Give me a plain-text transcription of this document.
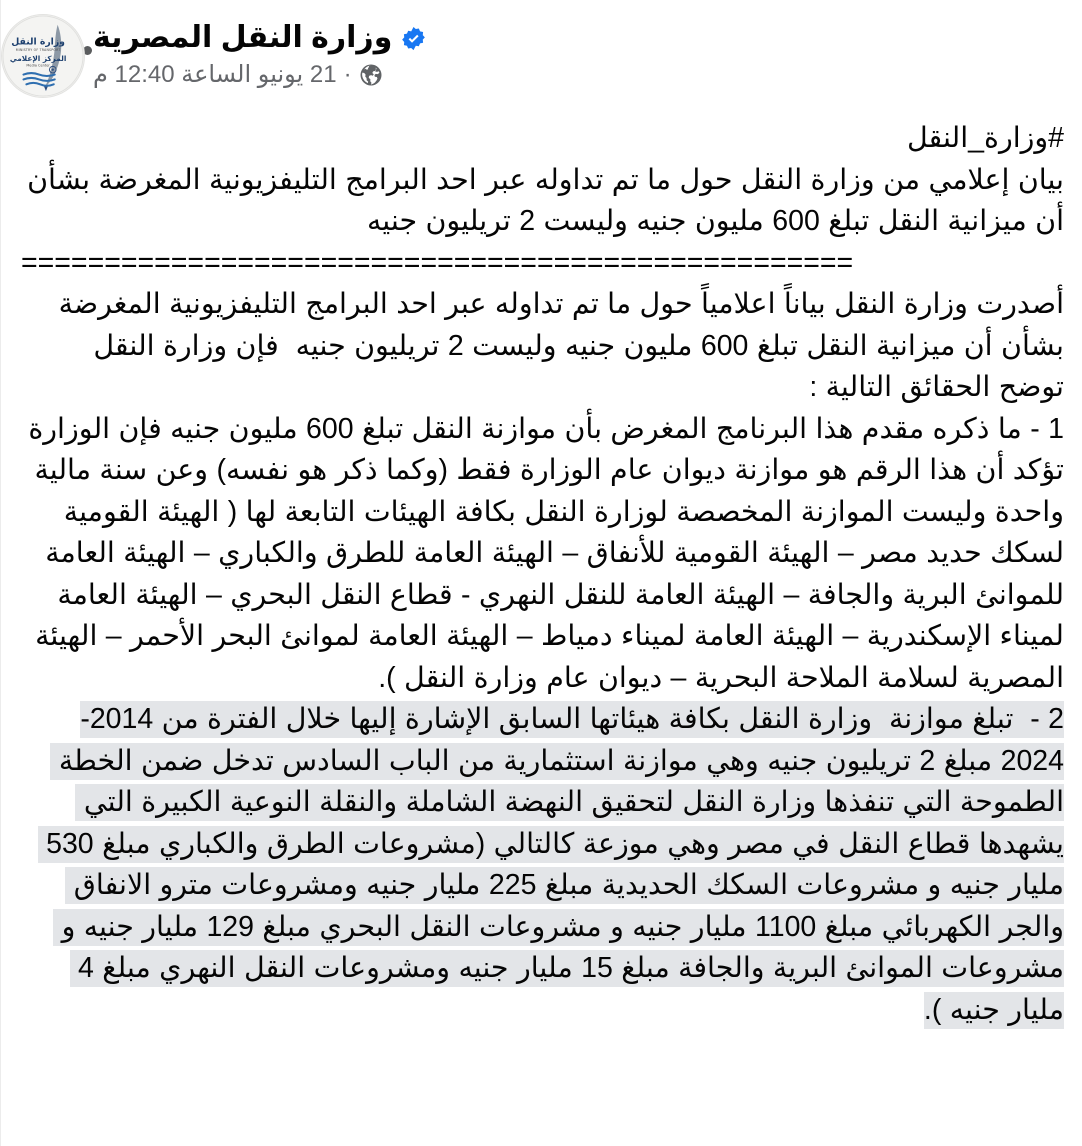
وزارة النقل المصرية
21 يونيو الساعة 12:40 م ·
وزارة النقل
MINISTRY OF TRANSPORT
المركز الإعلامي
Media Center

#وزارة_النقل

بيان إعلامي من وزارة النقل حول ما تم تداوله عبر احد البرامج التليفزيونية المغرضة بشأن أن ميزانية النقل تبلغ 600 مليون جنيه وليست 2 تريليون جنيه

==================================================

أصدرت وزارة النقل بياناً اعلامياً حول ما تم تداوله عبر احد البرامج التليفزيونية المغرضة بشأن أن ميزانية النقل تبلغ 600 مليون جنيه وليست 2 تريليون جنيه  فإن وزارة النقل توضح الحقائق التالية :

1 - ما ذكره مقدم هذا البرنامج المغرض بأن موازنة النقل تبلغ 600 مليون جنيه فإن الوزارة تؤكد أن هذا الرقم هو موازنة ديوان عام الوزارة فقط (وكما ذكر هو نفسه) وعن سنة مالية واحدة وليست الموازنة المخصصة لوزارة النقل بكافة الهيئات التابعة لها ( الهيئة القومية لسكك حديد مصر – الهيئة القومية للأنفاق – الهيئة العامة للطرق والكباري – الهيئة العامة للموانئ البرية والجافة – الهيئة العامة للنقل النهري - قطاع النقل البحري – الهيئة العامة لميناء الإسكندرية – الهيئة العامة لميناء دمياط – الهيئة العامة لموانئ البحر الأحمر – الهيئة المصرية لسلامة الملاحة البحرية – ديوان عام وزارة النقل ).

2 -  تبلغ موازنة  وزارة النقل بكافة هيئاتها السابق الإشارة إليها خلال الفترة من 2014-2024 مبلغ 2 تريليون جنيه وهي موازنة استثمارية من الباب السادس تدخل ضمن الخطة الطموحة التي تنفذها وزارة النقل لتحقيق النهضة الشاملة والنقلة النوعية الكبيرة التي يشهدها قطاع النقل في مصر وهي موزعة كالتالي (مشروعات الطرق والكباري مبلغ 530 مليار جنيه و مشروعات السكك الحديدية مبلغ 225 مليار جنيه ومشروعات مترو الانفاق والجر الكهربائي مبلغ 1100 مليار جنيه و مشروعات النقل البحري مبلغ 129 مليار جنيه و مشروعات الموانئ البرية والجافة مبلغ 15 مليار جنيه ومشروعات النقل النهري مبلغ 4 مليار جنيه ).
